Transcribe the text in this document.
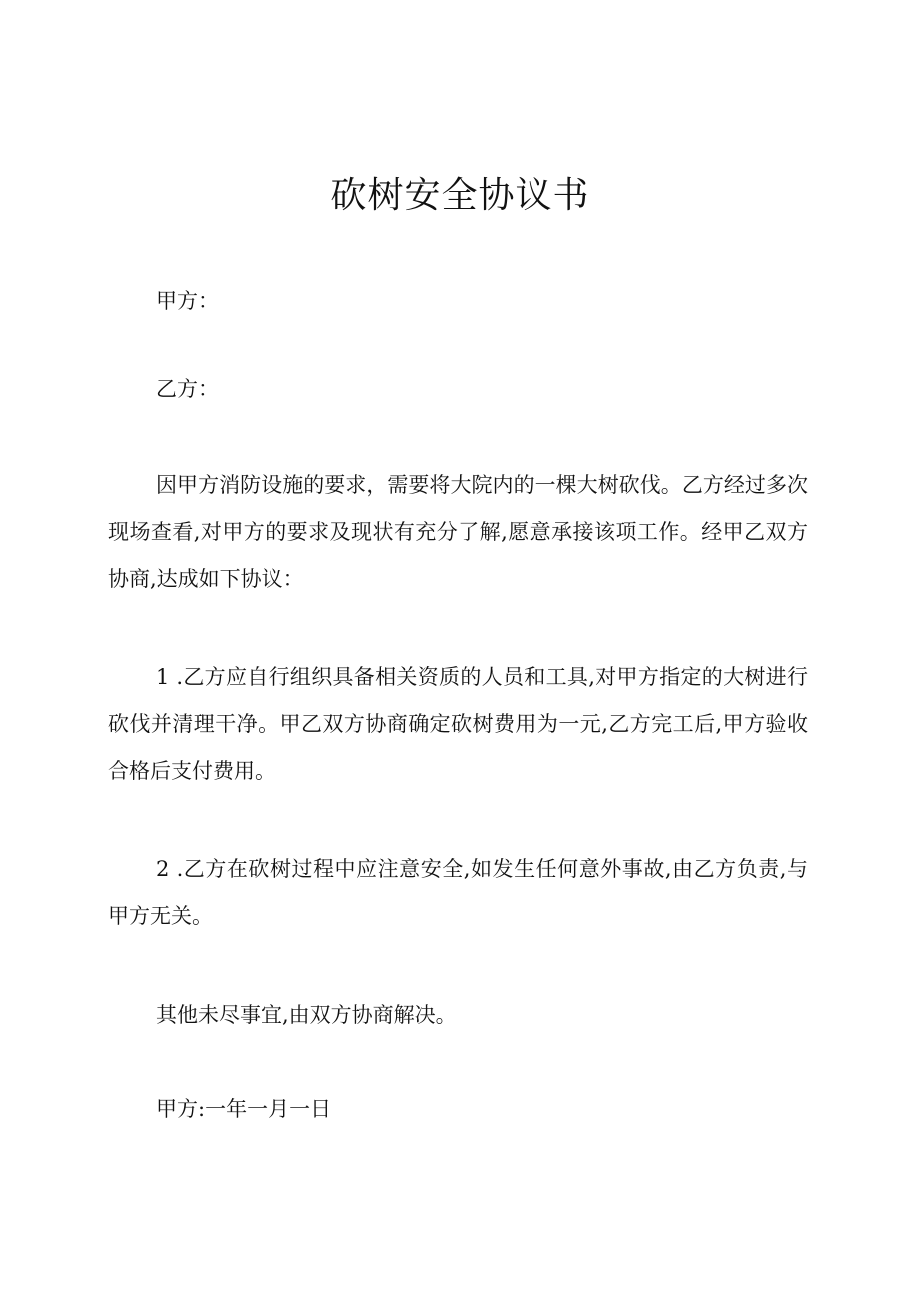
砍树安全协议书

甲方：

乙方：

因甲方消防设施的要求，需要将大院内的一棵大树砍伐。乙方经过多次现场查看,对甲方的要求及现状有充分了解,愿意承接该项工作。经甲乙双方协商,达成如下协议：

1 .乙方应自行组织具备相关资质的人员和工具,对甲方指定的大树进行砍伐并清理干净。甲乙双方协商确定砍树费用为一元,乙方完工后,甲方验收合格后支付费用。

2 .乙方在砍树过程中应注意安全,如发生任何意外事故,由乙方负责,与甲方无关。

其他未尽事宜,由双方协商解决。

甲方:一年一月一日
